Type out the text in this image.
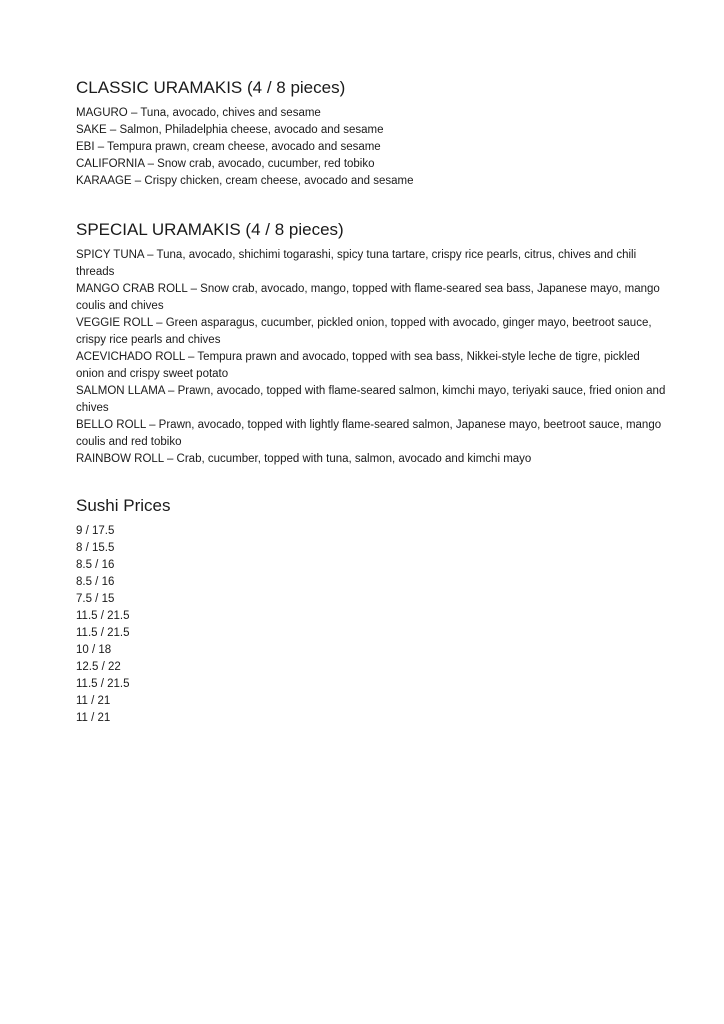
CLASSIC URAMAKIS (4 / 8 pieces)
MAGURO – Tuna, avocado, chives and sesame
SAKE – Salmon, Philadelphia cheese, avocado and sesame
EBI – Tempura prawn, cream cheese, avocado and sesame
CALIFORNIA – Snow crab, avocado, cucumber, red tobiko
KARAAGE – Crispy chicken, cream cheese, avocado and sesame
SPECIAL URAMAKIS (4 / 8 pieces)
SPICY TUNA – Tuna, avocado, shichimi togarashi, spicy tuna tartare, crispy rice pearls, citrus, chives and chili threads
MANGO CRAB ROLL – Snow crab, avocado, mango, topped with flame-seared sea bass, Japanese mayo, mango coulis and chives
VEGGIE ROLL – Green asparagus, cucumber, pickled onion, topped with avocado, ginger mayo, beetroot sauce, crispy rice pearls and chives
ACEVICHADO ROLL – Tempura prawn and avocado, topped with sea bass, Nikkei-style leche de tigre, pickled onion and crispy sweet potato
SALMON LLAMA – Prawn, avocado, topped with flame-seared salmon, kimchi mayo, teriyaki sauce, fried onion and chives
BELLO ROLL – Prawn, avocado, topped with lightly flame-seared salmon, Japanese mayo, beetroot sauce, mango coulis and red tobiko
RAINBOW ROLL – Crab, cucumber, topped with tuna, salmon, avocado and kimchi mayo
Sushi Prices
9 / 17.5
8 / 15.5
8.5 / 16
8.5 / 16
7.5 / 15
11.5 / 21.5
11.5 / 21.5
10 / 18
12.5 / 22
11.5 / 21.5
11 / 21
11 / 21
